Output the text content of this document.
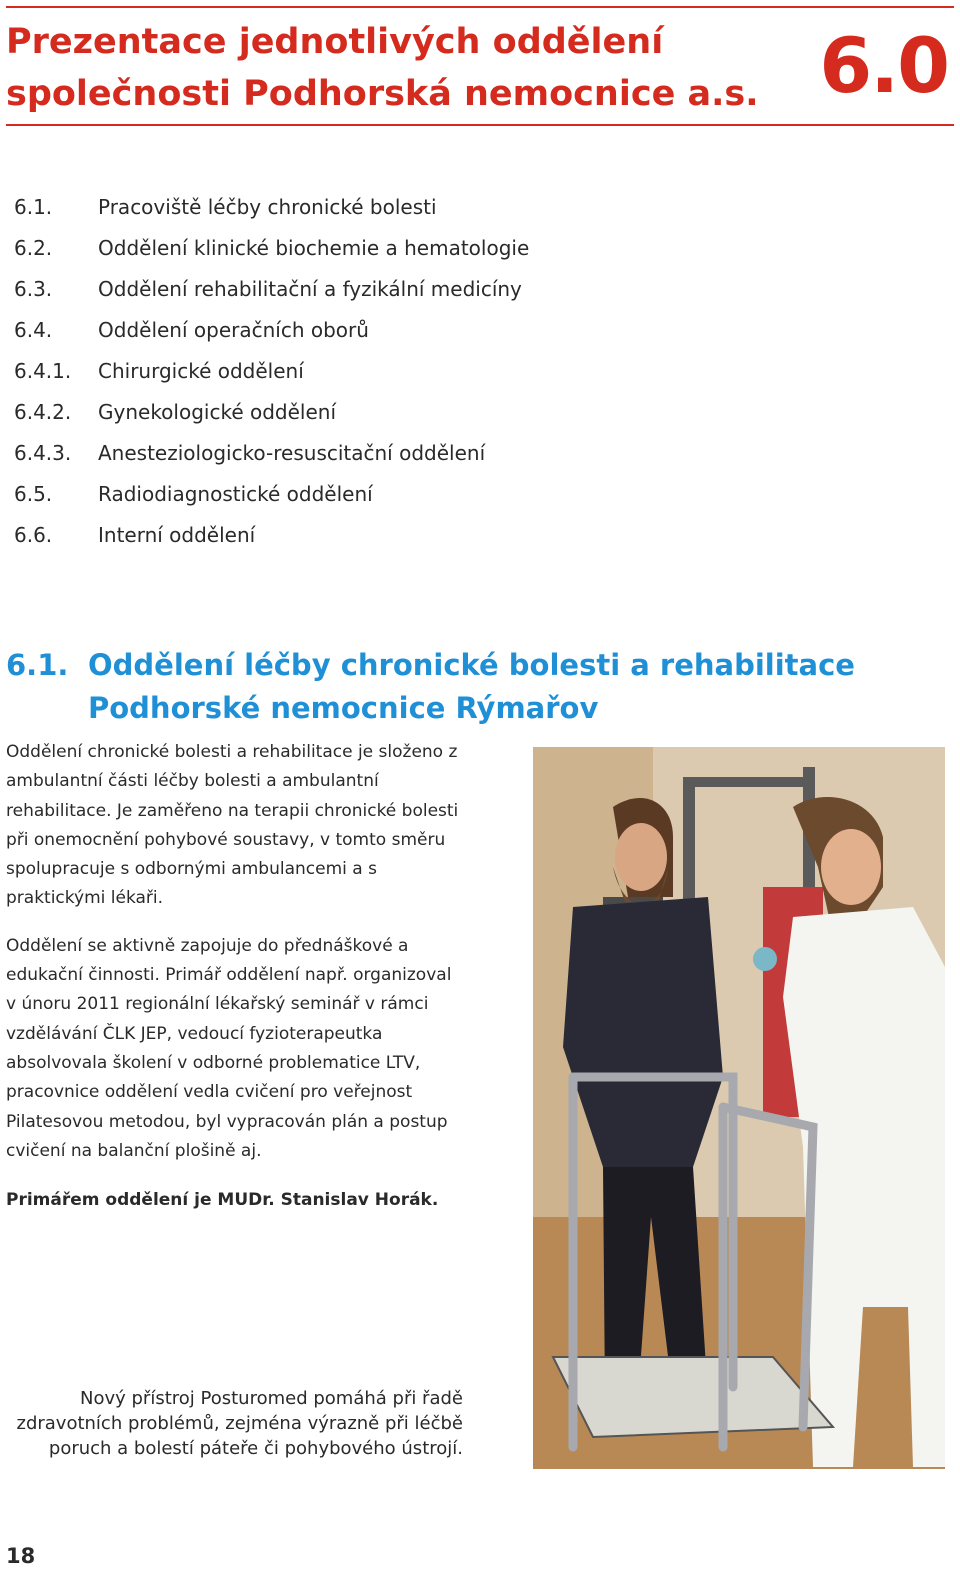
Prezentace jednotlivých oddělení
společnosti Podhorská nemocnice a.s. 6.0
6.1.	Pracoviště léčby chronické bolesti
6.2.	Oddělení klinické biochemie a hematologie
6.3.	Oddělení rehabilitační a fyzikální medicíny
6.4.	Oddělení operačních oborů
6.4.1.	Chirurgické oddělení
6.4.2.	Gynekologické oddělení
6.4.3.	Anesteziologicko-resuscitační oddělení
6.5.	Radiodiagnostické oddělení
6.6.	Interní oddělení
6.1. Oddělení léčby chronické bolesti a rehabilitace
Podhorské nemocnice Rýmařov

Oddělení chronické bolesti a rehabilitace je složeno z ambulantní části léčby bolesti a ambulantní rehabilitace. Je zaměřeno na terapii chronické bolesti při onemocnění pohybové soustavy, v tomto směru spolupracuje s odbornými ambulancemi a s praktickými lékaři.

Oddělení se aktivně zapojuje do přednáškové a edukační činnosti. Primář oddělení např. organizoval v únoru 2011 regionální lékařský seminář v rámci vzdělávání ČLK JEP, vedoucí fyzioterapeutka absolvovala školení v odborné problematice LTV, pracovnice oddělení vedla cvičení pro veřejnost Pilatesovou metodou, byl vypracován plán a postup cvičení na balanční plošině aj.

Primářem oddělení je MUDr. Stanislav Horák.

Nový přístroj Posturomed pomáhá při řadě
zdravotních problémů, zejména výrazně při léčbě
poruch a bolestí páteře či pohybového ústrojí.
18
